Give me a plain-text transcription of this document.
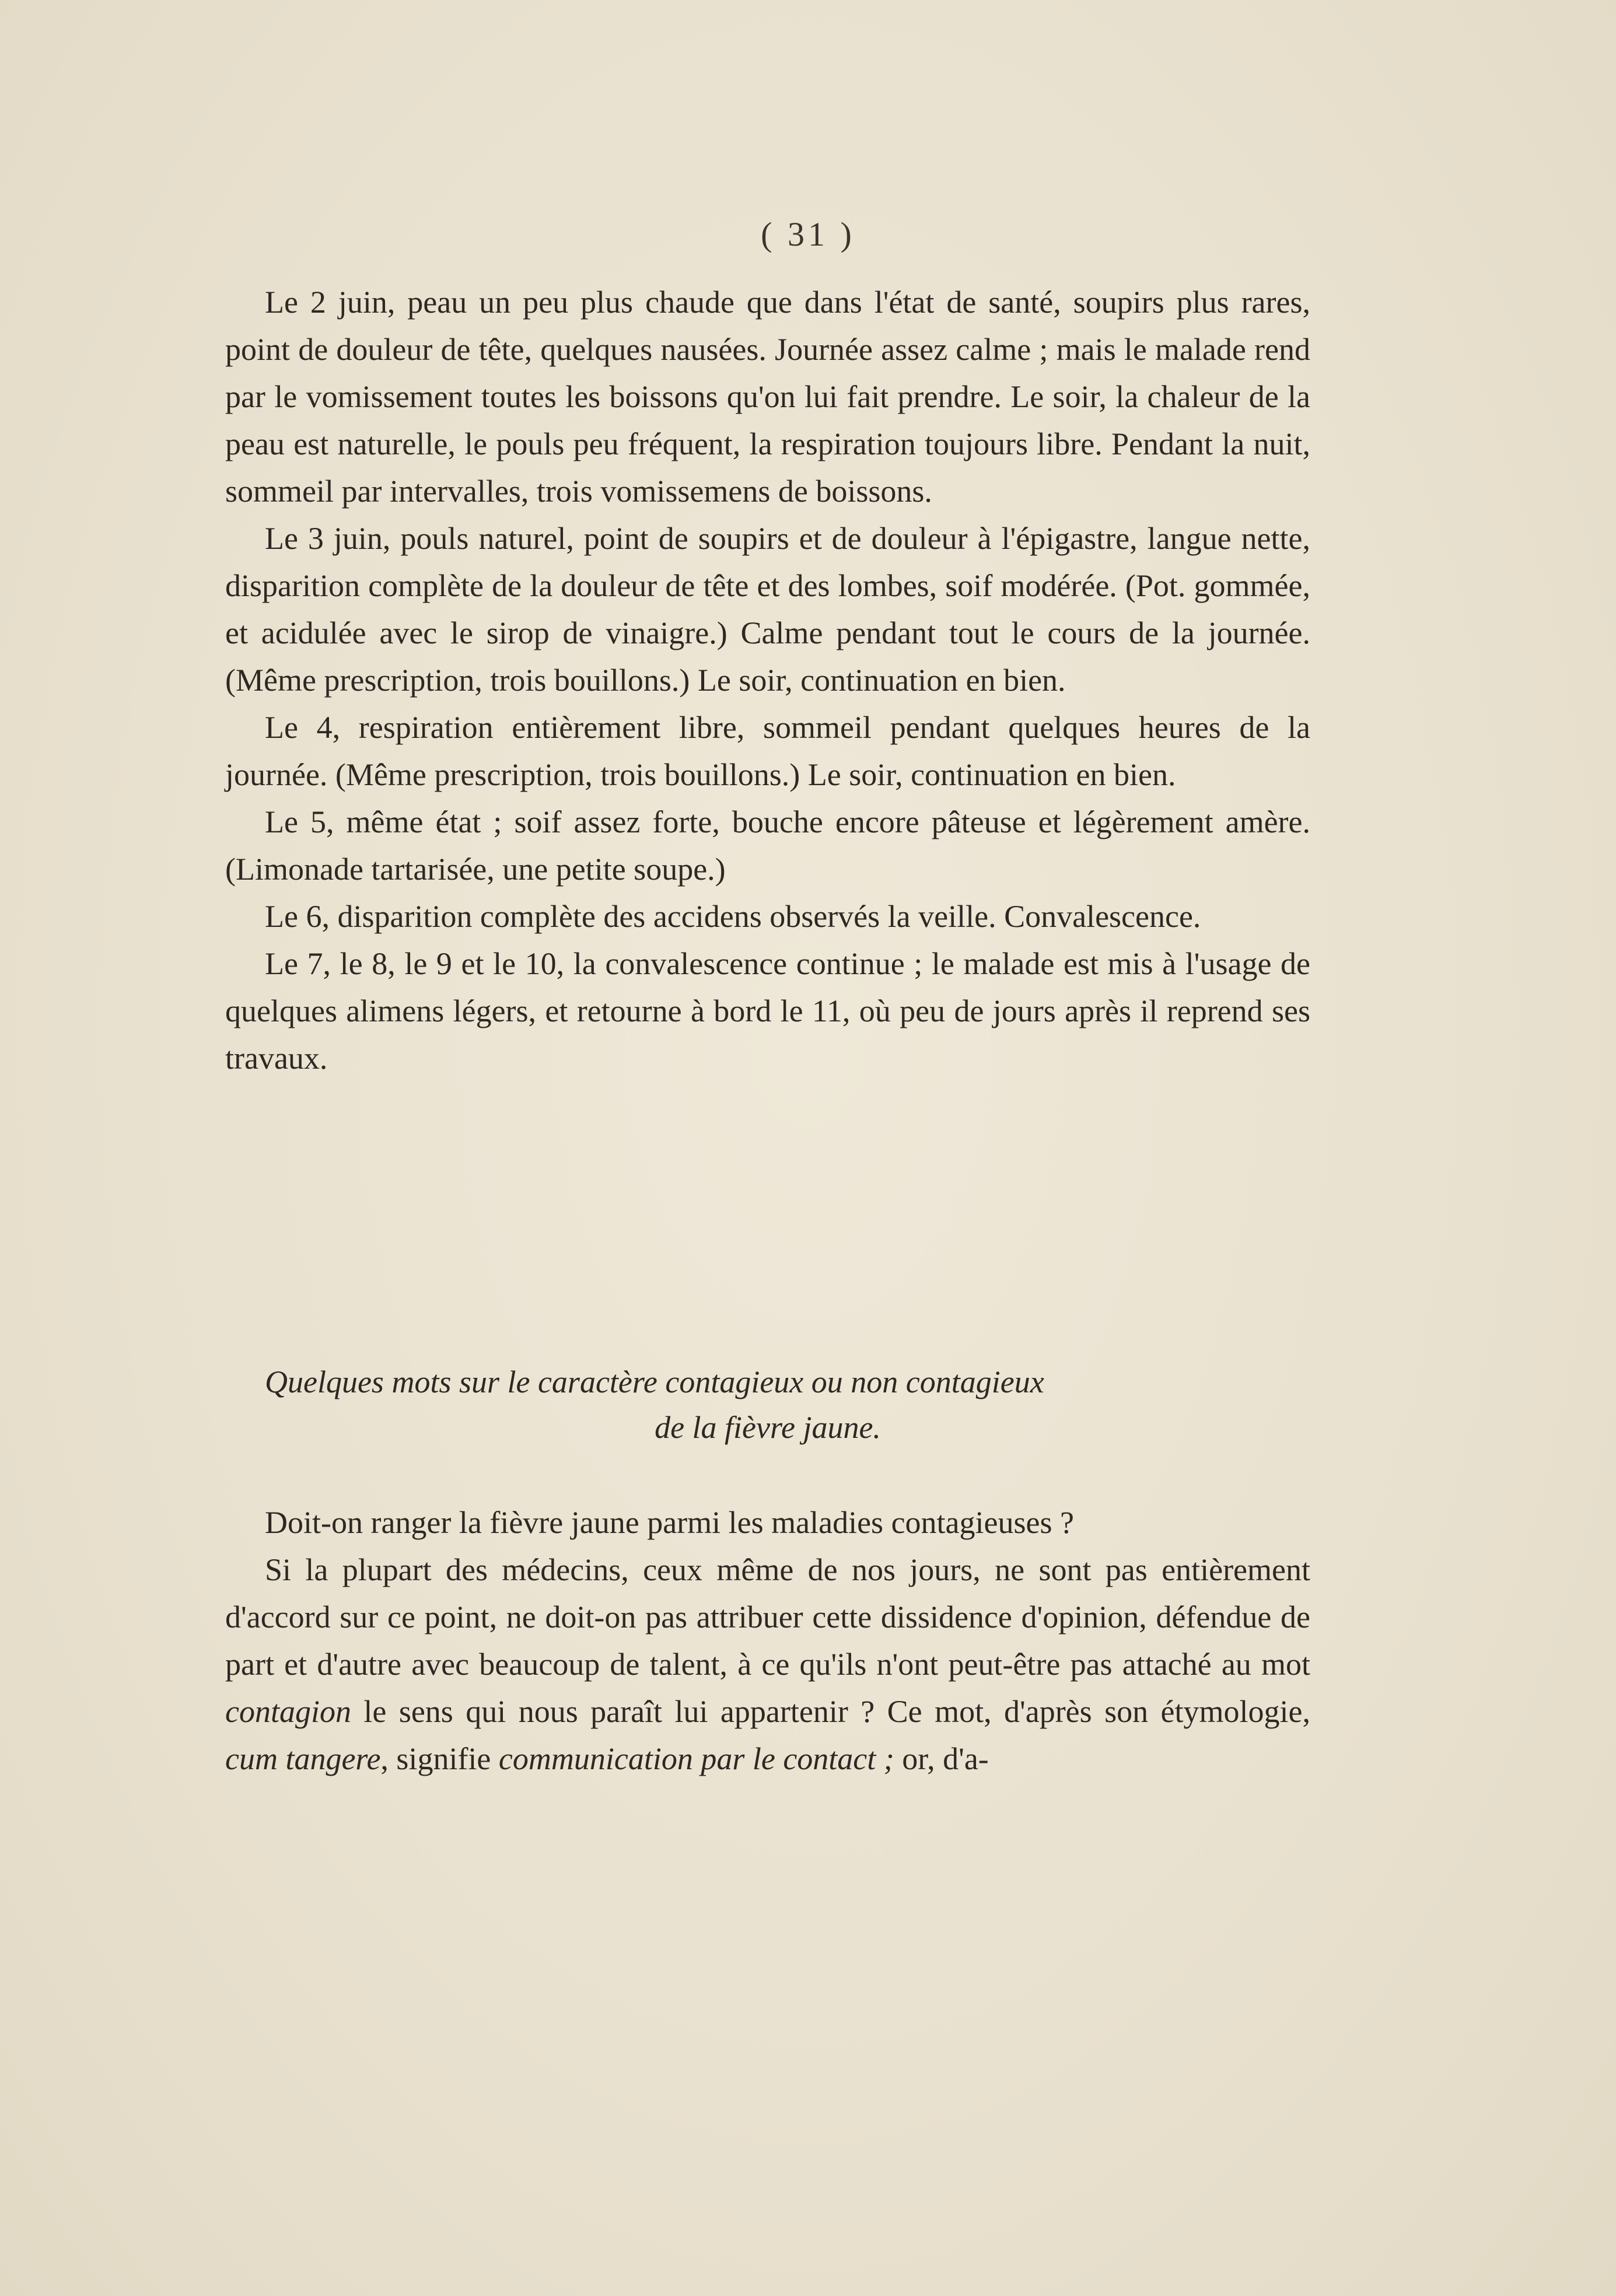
( 31 )

Le 2 juin, peau un peu plus chaude que dans l'état de santé, soupirs plus rares, point de douleur de tête, quelques nausées. Journée assez calme ; mais le malade rend par le vomissement toutes les boissons qu'on lui fait prendre. Le soir, la chaleur de la peau est naturelle, le pouls peu fréquent, la respiration toujours libre. Pendant la nuit, sommeil par intervalles, trois vomissemens de boissons.

Le 3 juin, pouls naturel, point de soupirs et de douleur à l'épigastre, langue nette, disparition complète de la douleur de tête et des lombes, soif modérée. (Pot. gommée, et acidulée avec le sirop de vinaigre.) Calme pendant tout le cours de la journée. (Même prescription, trois bouillons.) Le soir, continuation en bien.

Le 4, respiration entièrement libre, sommeil pendant quelques heures de la journée. (Même prescription, trois bouillons.) Le soir, continuation en bien.

Le 5, même état ; soif assez forte, bouche encore pâteuse et légèrement amère. (Limonade tartarisée, une petite soupe.)

Le 6, disparition complète des accidens observés la veille. Convalescence.

Le 7, le 8, le 9 et le 10, la convalescence continue ; le malade est mis à l'usage de quelques alimens légers, et retourne à bord le 11, où peu de jours après il reprend ses travaux.

Quelques mots sur le caractère contagieux ou non contagieux
de la fièvre jaune.

Doit-on ranger la fièvre jaune parmi les maladies contagieuses ?

Si la plupart des médecins, ceux même de nos jours, ne sont pas entièrement d'accord sur ce point, ne doit-on pas attribuer cette dissidence d'opinion, défendue de part et d'autre avec beaucoup de talent, à ce qu'ils n'ont peut-être pas attaché au mot contagion le sens qui nous paraît lui appartenir ? Ce mot, d'après son étymologie, cum tangere, signifie communication par le contact ; or, d'a-
